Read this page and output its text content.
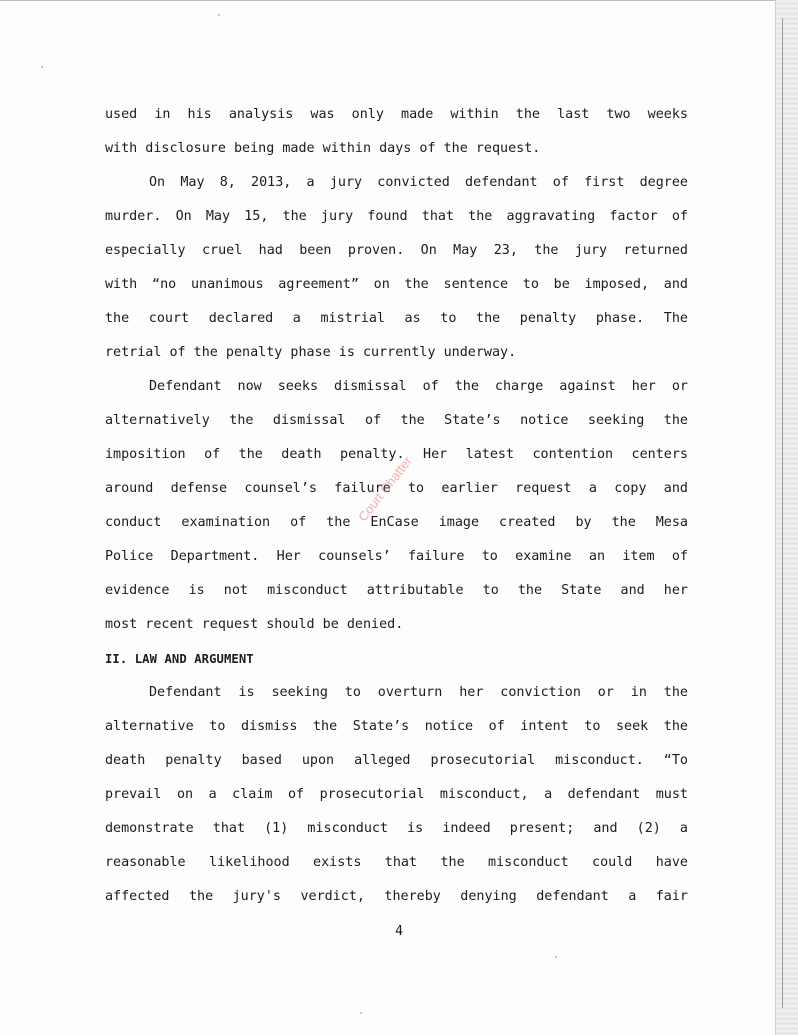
used in his analysis was only made within the last two weeks
with disclosure being made within days of the request.
On May 8, 2013, a jury convicted defendant of first degree
murder. On May 15, the jury found that the aggravating factor of
especially cruel had been proven. On May 23, the jury returned
with “no unanimous agreement” on the sentence to be imposed, and
the court declared a mistrial as to the penalty phase. The
retrial of the penalty phase is currently underway.
Defendant now seeks dismissal of the charge against her or
alternatively the dismissal of the State’s notice seeking the
imposition of the death penalty. Her latest contention centers
around defense counsel’s failure to earlier request a copy and
conduct examination of the EnCase image created by the Mesa
Police Department. Her counsels’ failure to examine an item of
evidence is not misconduct attributable to the State and her
most recent request should be denied.
II. LAW AND ARGUMENT
Defendant is seeking to overturn her conviction or in the
alternative to dismiss the State’s notice of intent to seek the
death penalty based upon alleged prosecutorial misconduct. “To
prevail on a claim of prosecutorial misconduct, a defendant must
demonstrate that (1) misconduct is indeed present; and (2) a
reasonable likelihood exists that the misconduct could have
affected the jury's verdict, thereby denying defendant a fair
Court Chatter
4
